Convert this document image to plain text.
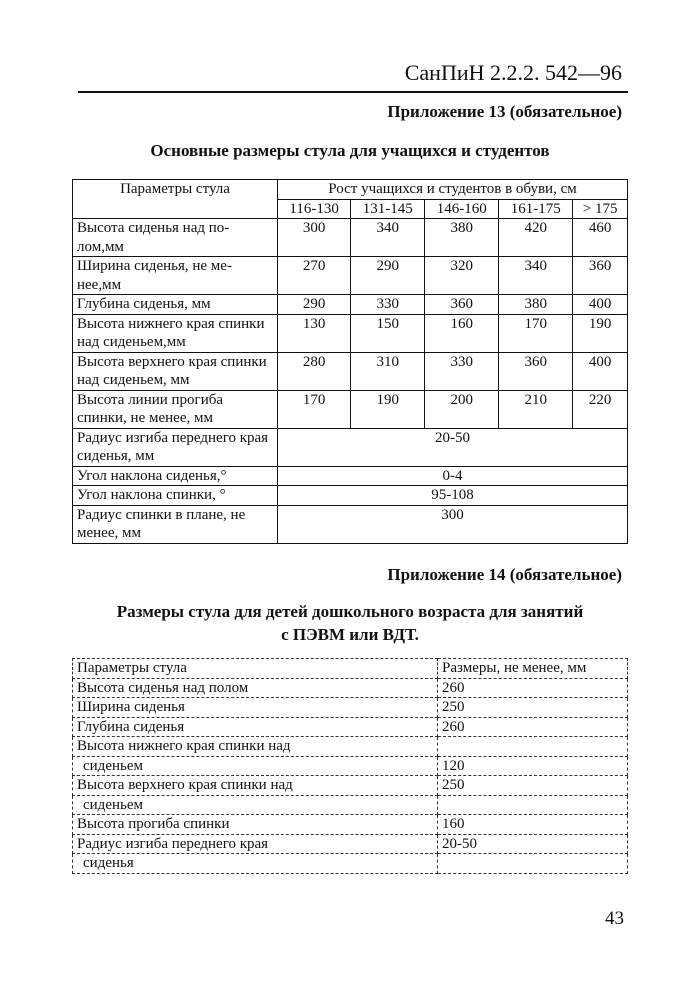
СанПиН 2.2.2. 542—96
Приложение 13 (обязательное)
Основные размеры стула для учащихся и студентов
Параметры стула	Рост учащихся и студентов в обуви, см				
	116-130	131-145	146-160	161-175	> 175
Высота сиденья над по-лом,мм	300	340	380	420	460
Ширина сиденья, не ме-нее,мм	270	290	320	340	360
Глубина сиденья, мм	290	330	360	380	400
Высота нижнего края спинки над сиденьем,мм	130	150	160	170	190
Высота верхнего края спинки над сиденьем, мм	280	310	330	360	400
Высота линии прогиба спинки, не менее, мм	170	190	200	210	220
Радиус изгиба переднего края сиденья, мм	20-50				
Угол наклона сиденья,°	0-4				
Угол наклона спинки, °	95-108				
Радиус спинки в плане, не менее, мм	300				
Приложение 14 (обязательное)
Размеры стула для детей дошкольного возраста для занятий
с ПЭВМ или ВДТ.
Параметры стула	Размеры, не менее, мм
Высота сиденья над полом	260
Ширина сиденья	250
Глубина сиденья	260
Высота нижнего края спинки над	
сиденьем	120
Высота верхнего края спинки над	250
сиденьем	
Высота прогиба спинки	160
Радиус изгиба переднего края	20-50
сиденья	
43
